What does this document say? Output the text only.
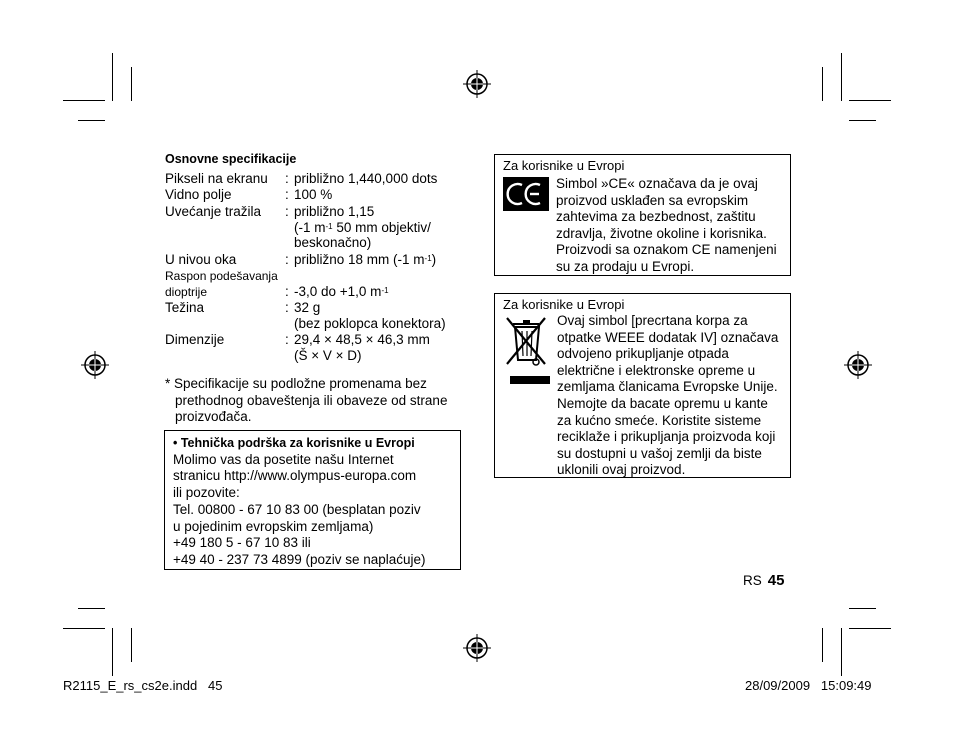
Osnovne specifikacije
Pikseli na ekranu : približno 1,440,000 dots
Vidno polje	: 100 %
Uvećanje tražila : približno 1,15
(-1 $m^{-1}$ 50 mm objektiv/
beskonačno)
U nivou oka	: približno 18 mm (-1 $m^{-1}$)
Raspon podešavanja
dioptrije	: -3,0 do +1,0 $m^{-1}$
Težina	: 32 g
(bez poklopca konektora)
Dimenzije	: 29,4 × 48,5 × 46,3 mm
(Š × V × D)
* Specifikacije su podložne promenama bez
prethodnog obaveštenja ili obaveze od strane
proizvođača.
• Tehnička podrška za korisnike u Evropi
Molimo vas da posetite našu Internet
stranicu http://www.olympus-europa.com
ili pozovite:
Tel. 00800 - 67 10 83 00 (besplatan poziv
u pojedinim evropskim zemljama)
+49 180 5 - 67 10 83 ili
+49 40 - 237 73 4899 (poziv se naplaćuje)
Za korisnike u Evropi
Simbol »CE« označava da je ovaj
proizvod usklađen sa evropskim
zahtevima za bezbednost, zaštitu
zdravlja, životne okoline i korisnika.
Proizvodi sa oznakom CE namenjeni
su za prodaju u Evropi.
Za korisnike u Evropi
Ovaj simbol [precrtana korpa za
otpatke WEEE dodatak IV] označava
odvojeno prikupljanje otpada
električne i elektronske opreme u
zemljama članicama Evropske Unije.
Nemojte da bacate opremu u kante
za kućno smeće. Koristite sisteme
reciklaže i prikupljanja proizvoda koji
su dostupni u vašoj zemlji da biste
uklonili ovaj proizvod.
RS 45
R2115_E_rs_cs2e.indd   45	28/09/2009   15:09:49
